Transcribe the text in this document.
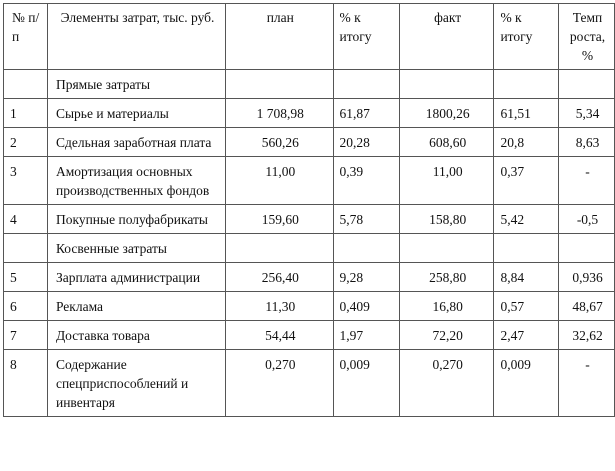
№ п/п	Элементы затрат, тыс. руб.	план	% к итогу	факт	% к итогу	Темп роста, %
	Прямые затраты					
1	Сырье и материалы	1 708,98	61,87	1800,26	61,51	5,34
2	Сдельная заработная плата	560,26	20,28	608,60	20,8	8,63
3	Амортизация основных производственных фондов	11,00	0,39	11,00	0,37	-
4	Покупные полуфабрикаты	159,60	5,78	158,80	5,42	-0,5
	Косвенные затраты					
5	Зарплата администрации	256,40	9,28	258,80	8,84	0,936
6	Реклама	11,30	0,409	16,80	0,57	48,67
7	Доставка товара	54,44	1,97	72,20	2,47	32,62
8	Содержание спецприспособлений и инвентаря	0,270	0,009	0,270	0,009	-
